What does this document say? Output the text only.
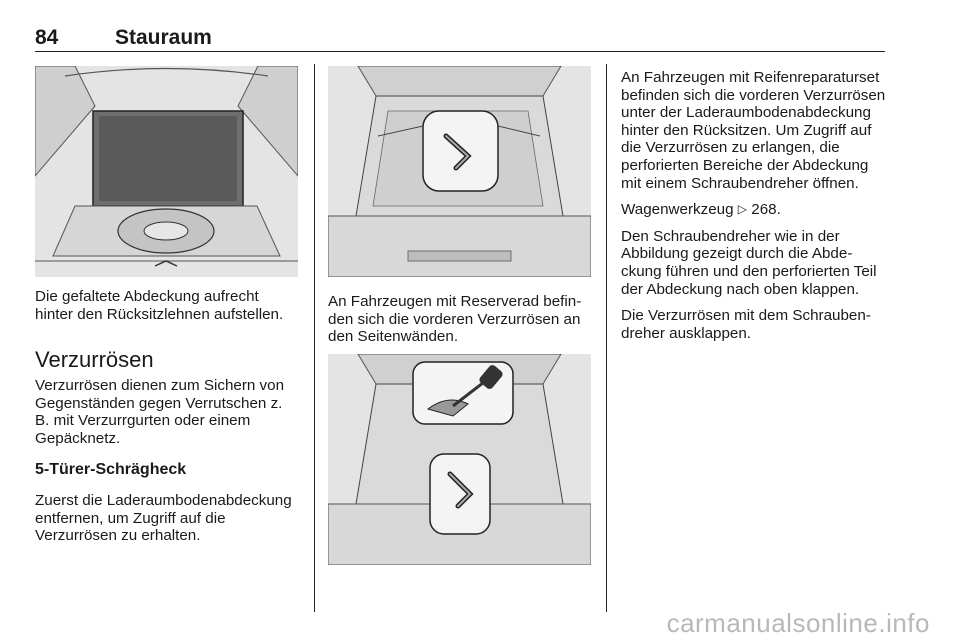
84	Stauraum
Die gefaltete Abdeckung aufrecht hinter den Rücksitzlehnen aufstellen.
Verzurrösen
Verzurrösen dienen zum Sichern von Gegenständen gegen Verrutschen z. B. mit Verzurrgurten oder einem Gepäcknetz.
5-Türer-Schrägheck
Zuerst die Laderaumbodenabdeckung entfernen, um Zugriff auf die Verzurrösen zu erhalten.
An Fahrzeugen mit Reserverad befinden sich die vorderen Verzurrösen an den Seitenwänden.

An Fahrzeugen mit Reifenreparaturset befinden sich die vorderen Verzurrösen unter der Laderaumbodenabdeckung hinter den Rücksitzen. Um Zugriff auf die Verzurrösen zu erlangen, die perforierten Bereiche der Abdeckung mit einem Schraubendreher öffnen.

Wagenwerkzeug ▷ 268.

Den Schraubendreher wie in der Abbildung gezeigt durch die Abdeckung führen und den perforierten Teil der Abdeckung nach oben klappen.

Die Verzurrösen mit dem Schraubendreher ausklappen.

carmanualsonline.info
